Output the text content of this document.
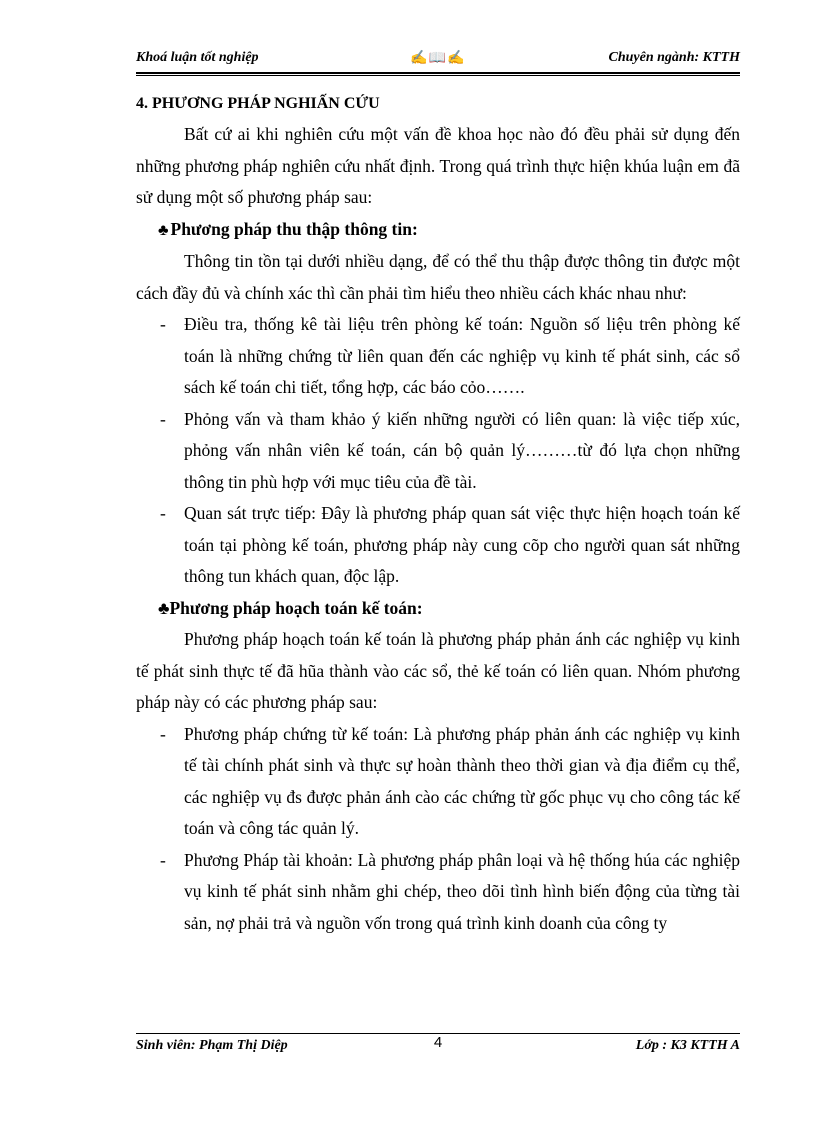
Khoá luận tốt nghiệp	✍📖✍	Chuyên ngành: KTTH
4. PHƯƠNG PHÁP NGHIẤN CỨU

Bất cứ ai khi nghiên cứu một vấn đề khoa học nào đó đều phải sử dụng đến những phương pháp nghiên cứu nhất định. Trong quá trình thực hiện khúa luận em đã sử dụng một số phương pháp sau:

♣ Phương pháp thu thập thông tin:

Thông tin tồn tại dưới nhiều dạng, để có thể thu thập được thông tin được một cách đầy đủ và chính xác thì cần phải tìm hiểu theo nhiều cách khác nhau như:

- Điều tra, thống kê tài liệu trên phòng kế toán: Nguồn số liệu trên phòng kế toán là những chứng từ liên quan đến các nghiệp vụ kinh tế phát sinh, các sổ sách kế toán chi tiết, tổng hợp, các báo cỏo…….
- Phỏng vấn và tham khảo ý kiến những người có liên quan: là việc tiếp xúc, phỏng vấn nhân viên kế toán, cán bộ quản lý………từ đó lựa chọn những thông tin phù hợp với mục tiêu của đề tài.
- Quan sát trực tiếp: Đây là phương pháp quan sát việc thực hiện hoạch toán kế toán tại phòng kế toán, phương pháp này cung cõp cho người quan sát những thông tun khách quan, độc lập.

♣Phương pháp hoạch toán kế toán:

Phương pháp hoạch toán kế toán là phương pháp phản ánh các nghiệp vụ kinh tế phát sinh thực tế đã hũa thành vào các sổ, thẻ kế toán có liên quan. Nhóm phương pháp này có các phương pháp sau:

- Phương pháp chứng từ kế toán: Là phương pháp phản ánh các nghiệp vụ kinh tế tài chính phát sinh và thực sự hoàn thành theo thời gian và địa điểm cụ thể, các nghiệp vụ đs được phản ánh cào các chứng từ gốc phục vụ cho công tác kế toán và công tác quản lý.
- Phương Pháp tài khoản: Là phương pháp phân loại và hệ thống húa các nghiệp vụ kinh tế phát sinh nhằm ghi chép, theo dõi tình hình biến động của từng tài sản, nợ phải trả và nguồn vốn trong quá trình kinh doanh của công ty
Sinh viên: Phạm Thị Diệp	4	Lớp : K3 KTTH A
